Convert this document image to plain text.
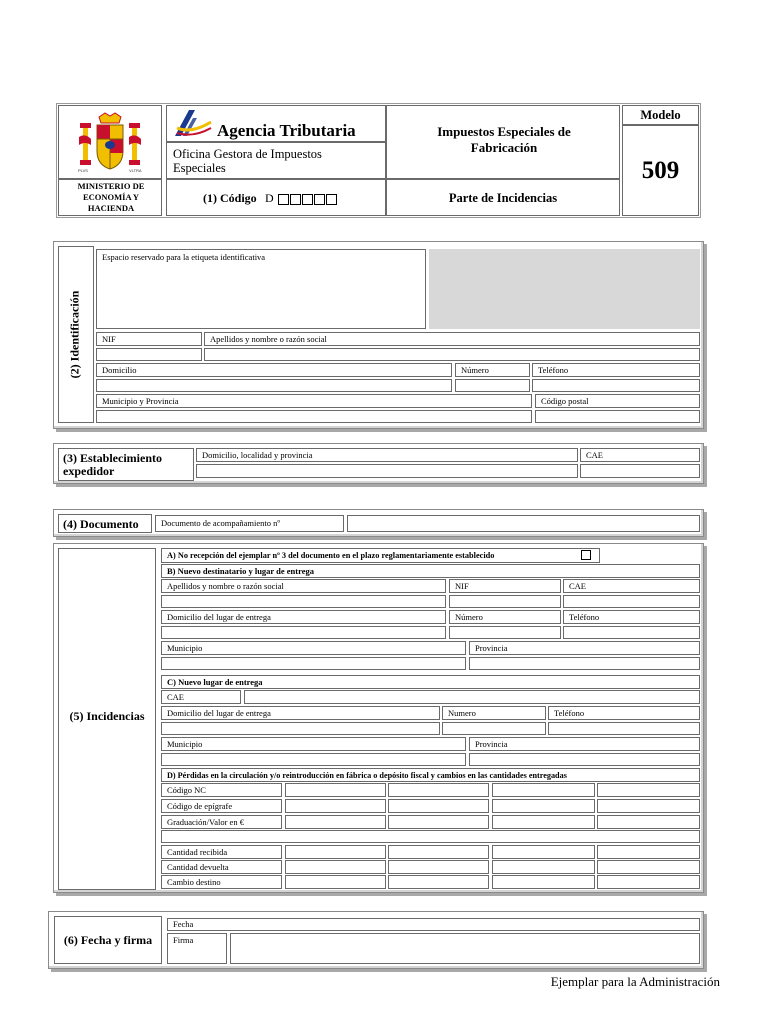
PLVS	VLTRA
MINISTERIO DE ECONOMÍA Y HACIENDA
Agencia Tributaria
Oficina Gestora de Impuestos Especiales
(1) Código D
Impuestos Especiales de Fabricación
Parte de Incidencias
Modelo
509
(2) Identificación
Espacio reservado para la etiqueta identificativa
NIF	Apellidos y nombre o razón social
Domicilio	Número	Teléfono
Municipio y Provincia	Código postal
(3) Establecimiento expedidor
Domicilio, localidad y provincia	CAE
(4) Documento	Documento de acompañamiento nº
(5) Incidencias
A) No recepción del ejemplar nº 3 del documento en el plazo reglamentariamente establecido
B) Nuevo destinatario y lugar de entrega
Apellidos y nombre o razón social	NIF	CAE
Domicilio del lugar de entrega	Número	Teléfono
Municipio	Provincia
C) Nuevo lugar de entrega
CAE
Domicilio del lugar de entrega	Numero	Teléfono
Municipio	Provincia
D) Pérdidas en la circulación y/o reintroducción en fábrica o depósito fiscal y cambios en las cantidades entregadas
Código NC
Código de epígrafe
Graduación/Valor en €
Cantidad recibida
Cantidad devuelta
Cambio destino
(6) Fecha y firma
Fecha
Firma
Ejemplar para la Administración
